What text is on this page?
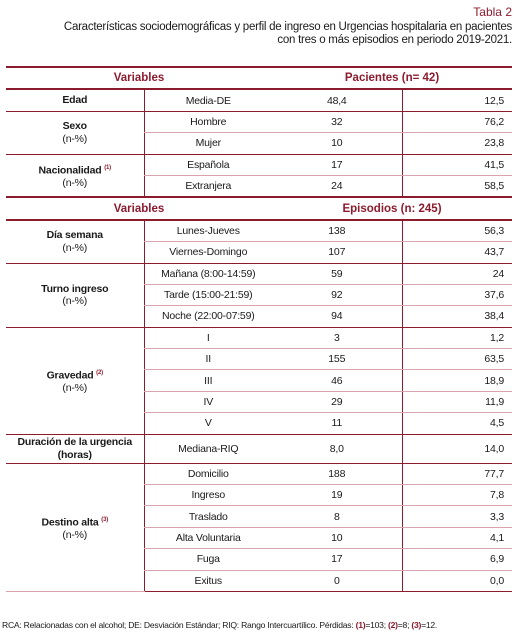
Tabla 2
Características sociodemográficas y perfil de ingreso en Urgencias hospitalaria en pacientes
con tres o más episodios en periodo 2019-2021.
Variables		Pacientes (n= 42)	
Edad	Media-DE	48,4	12,5
Sexo
(n-%)	Hombre	32	76,2
	Mujer	10	23,8
Nacionalidad $^{(1)}$
(n-%)	Española	17	41,5
	Extranjera	24	58,5
Variables		Episodios (n: 245)	
Día semana
(n-%)	Lunes-Jueves	138	56,3
	Viernes-Domingo	107	43,7
Turno ingreso
(n-%)	Mañana (8:00-14:59)	59	24
	Tarde (15:00-21:59)	92	37,6
	Noche (22:00-07:59)	94	38,4
Gravedad $^{(2)}$
(n-%)	I	3	1,2
	II	155	63,5
	III	46	18,9
	IV	29	11,9
	V	11	4,5
Duración de la urgencia
(horas)	Mediana-RIQ	8,0	14,0
Destino alta $^{(3)}$
(n-%)	Domicilio	188	77,7
	Ingreso	19	7,8
	Traslado	8	3,3
	Alta Voluntaria	10	4,1
	Fuga	17	6,9
	Exitus	0	0,0
RCA: Relacionadas con el alcohol; DE: Desviación Estándar; RIQ: Rango Intercuartílico. Pérdidas: (1)=103; (2)=8; (3)=12.
